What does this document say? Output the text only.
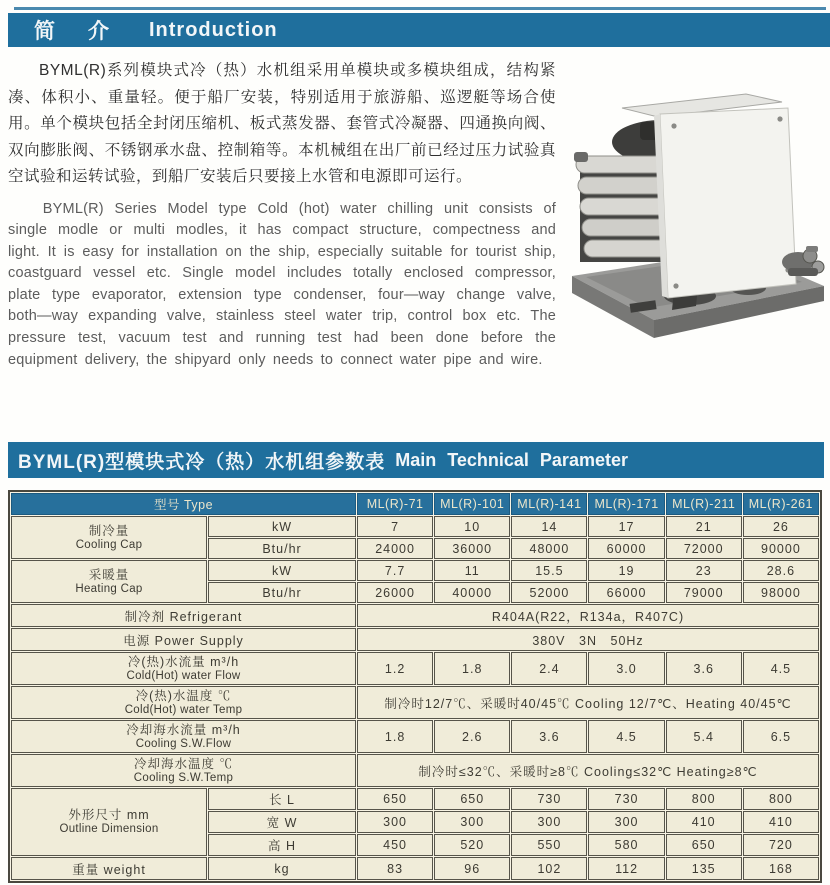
简　介 Introduction

BYML(R)系列模块式冷（热）水机组采用单模块或多模块组成，结构紧凑、体积小、重量轻。便于船厂安装，特别适用于旅游船、巡逻艇等场合使用。单个模块包括全封闭压缩机、板式蒸发器、套管式冷凝器、四通换向阀、双向膨胀阀、不锈钢承水盘、控制箱等。本机械组在出厂前已经过压力试验真空试验和运转试验，到船厂安装后只要接上水管和电源即可运行。

BYML(R) Series Model type Cold (hot) water chilling unit consists of single modle or multi modles, it has compact structure, compectness and light. It is easy for installation on the ship, especially suitable for tourist ship, coastguard vessel etc. Single model includes totally enclosed compressor, plate type evaporator, extension type condenser, four—way change valve, both—way expanding valve, stainless steel water trip, control box etc. The pressure test, vacuum test and running test had been done before the equipment delivery, the shipyard only needs to connect water pipe and wire.

BYML(R)型模块式冷（热）水机组参数表 Main Technical Parameter
型号 Type		ML(R)-71	ML(R)-101	ML(R)-141	ML(R)-171	ML(R)-211	ML(R)-261

制冷量
Cooling Cap	kW	7	10	14	17	21	26
	Btu/hr	24000	36000	48000	60000	72000	90000

采暖量
Heating Cap	kW	7.7	11	15.5	19	23	28.6
	Btu/hr	26000	40000	52000	66000	79000	98000
制冷剂 Refrigerant		R404A(R22，R134a，R407C)					
电源 Power Supply		380V　3N　50Hz					

冷(热)水流量 m³/h
Cold(Hot) water Flow		1.2	1.8	2.4	3.0	3.6	4.5

冷(热)水温度 ℃
Cold(Hot) water Temp		制冷时12/7℃、采暖时40/45℃ Cooling 12/7℃、Heating 40/45℃					

冷却海水流量 m³/h
Cooling S.W.Flow		1.8	2.6	3.6	4.5	5.4	6.5

冷却海水温度 ℃
Cooling S.W.Temp		制冷时≤32℃、采暖时≥8℃ Cooling≤32℃ Heating≥8℃					

外形尺寸 mm
Outline Dimension	长 L	650	650	730	730	800	800
	宽 W	300	300	300	300	410	410
	高 H	450	520	550	580	650	720
重量 weight	kg	83	96	102	112	135	168
